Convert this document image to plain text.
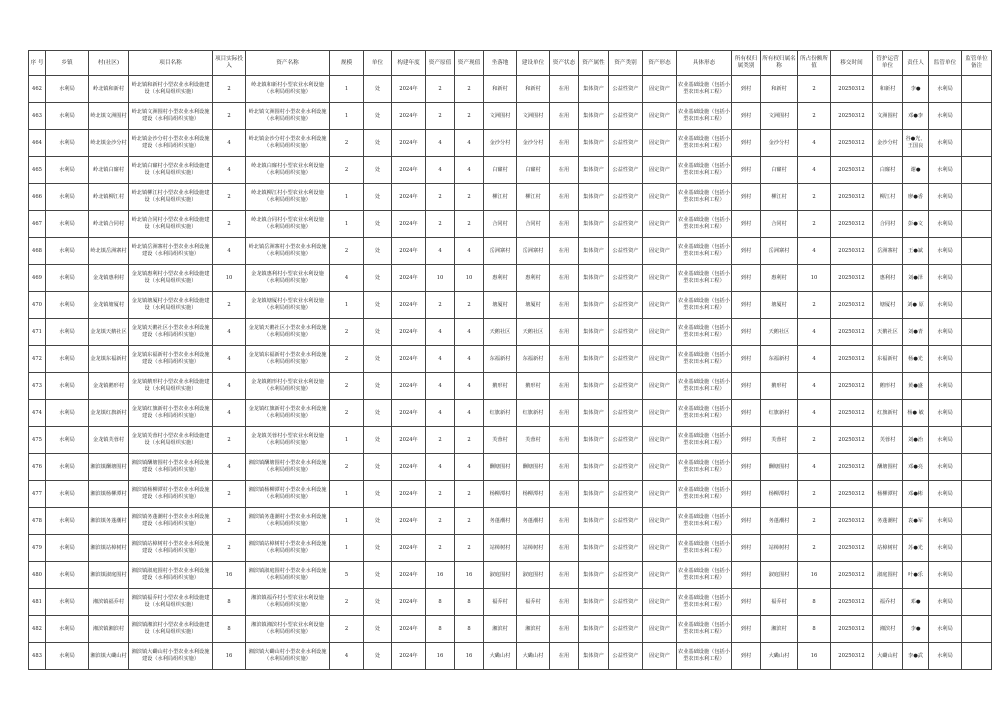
序 号	乡镇	村(社区)	项目名称	项目实际投入	资产名称	规模	单位	构建年度	资产原值	资产现值	坐落地	建设单位	资产状态	资产属性	资产类别	资产形态	具体形态	所有权归属类别	所有权归属名称	所占份额所值	移交时间	管护运营单位	责任人	监管单位	监管单位备注
462	水利局	岭北镇和新村	岭北镇和新村小型农业水利设施建设（水利局组织实施）	2	岭北镇和新村小型农业水利设施（水利局组织实施）	1	处	2024年	2	2	和新村	和新村	在用	集体资产	公益性资产	固定资产	农业基础设施（包括小型农田水利工程）	到村	和新村	2	20250312	和新村	李●	水利局	
463	水利局	岭北镇文洲围村	岭北镇文洲围村小型农业水利设施建设（水利局组织实施）	2	岭北镇文洲围村小型农业水利设施（水利局组织实施）	1	处	2024年	2	2	文洲围村	文洲围村	在用	集体资产	公益性资产	固定资产	农业基础设施（包括小型农田水利工程）	到村	文洲围村	2	20250312	文洲围村	邓●李	水利局	
464	水利局	岭北镇金沙分村	岭北镇金沙分村小型农业水利设施建设（水利局组织实施）	4	岭北镇金沙分村小型农业水利设施（水利局组织实施）	2	处	2024年	4	4	金沙分村	金沙分村	在用	集体资产	公益性资产	固定资产	农业基础设施（包括小型农田水利工程）	到村	金沙分村	4	20250312	金沙分村	谷●光、王国良	水利局	
465	水利局	岭北镇白窿村	岭北镇白窿村小型农业水利设施建设（水利局组织实施）	4	岭北镇白窿村小型农业水利设施（水利局组织实施）	2	处	2024年	4	4	白窿村	白窿村	在用	集体资产	公益性资产	固定资产	农业基础设施（包括小型农田水利工程）	到村	白窿村	4	20250312	白窿村	谢●	水利局	
466	水利局	岭北镇柳江村	岭北镇柳江村小型农业水利设施建设（水利局组织实施）	2	岭北镇柳江村小型农业水利设施（水利局组织实施）	1	处	2024年	2	2	柳江村	柳江村	在用	集体资产	公益性资产	固定资产	农业基础设施（包括小型农田水利工程）	到村	柳江村	2	20250312	柳江村	廖●香	水利局	
467	水利局	岭北镇合同村	岭北镇合同村小型农业水利设施建设（水利局组织实施）	2	岭北镇合同村小型农业水利设施（水利局组织实施）	1	处	2024年	2	2	合同村	合同村	在用	集体资产	公益性资产	固定资产	农业基础设施（包括小型农田水利工程）	到村	合同村	2	20250312	合同村	彭●文	水利局	
468	水利局	岭北镇岳洲寨村	岭北镇岳洲寨村小型农业水利设施建设（水利局组织实施）	4	岭北镇岳洲寨村小型农业水利设施（水利局组织实施）	2	处	2024年	4	4	岳洲寨村	岳洲寨村	在用	集体资产	公益性资产	固定资产	农业基础设施（包括小型农田水利工程）	到村	岳洲寨村	4	20250312	岳洲寨村	王●斌	水利局	
469	水利局	金龙镇惠利村	金龙镇惠利村小型农业水利设施建设（水利局组织实施）	10	金龙镇惠利村小型农业水利设施（水利局组织实施）	4	处	2024年	10	10	惠利村	惠利村	在用	集体资产	公益性资产	固定资产	农业基础设施（包括小型农田水利工程）	到村	惠利村	10	20250312	惠利村	刘●泽	水利局	
470	水利局	金龙镇塘厦村	金龙镇塘厦村小型农业水利设施建设（水利局组织实施）	2	金龙镇塘厦村小型农业水利设施（水利局组织实施）	1	处	2024年	2	2	塘厦村	塘厦村	在用	集体资产	公益性资产	固定资产	农业基础设施（包括小型农田水利工程）	到村	塘厦村	2	20250312	塘厦村	刘● 原	水利局	
471	水利局	金龙镇天鹅社区	金龙镇天鹅社区小型农业水利设施建设（水利局组织实施）	4	金龙镇天鹅社区小型农业水利设施（水利局组织实施）	2	处	2024年	4	4	天鹅社区	天鹅社区	在用	集体资产	公益性资产	固定资产	农业基础设施（包括小型农田水利工程）	到村	天鹅社区	4	20250312	天鹅社区	刘●青	水利局	
472	水利局	金龙镇东福新村	金龙镇东福新村小型农业水利设施建设（水利局组织实施）	4	金龙镇东福新村小型农业水利设施（水利局组织实施）	2	处	2024年	4	4	东福新村	东福新村	在用	集体资产	公益性资产	固定资产	农业基础设施（包括小型农田水利工程）	到村	东福新村	4	20250312	东福新村	杨●光	水利局	
473	水利局	金龙镇鹅形村	金龙镇鹅形村小型农业水利设施建设（水利局组织实施）	4	金龙镇鹅形村小型农业水利设施（水利局组织实施）	2	处	2024年	4	4	鹅形村	鹅形村	在用	集体资产	公益性资产	固定资产	农业基础设施（包括小型农田水利工程）	到村	鹅形村	4	20250312	鹅形村	黄●盛	水利局	
474	水利局	金龙镇红旗新村	金龙镇红旗新村小型农业水利设施建设（水利局组织实施）	4	金龙镇红旗新村小型农业水利设施（水利局组织实施）	2	处	2024年	4	4	红旗新村	红旗新村	在用	集体资产	公益性资产	固定资产	农业基础设施（包括小型农田水利工程）	到村	红旗新村	4	20250312	红旗新村	杨● 敏	水利局	
475	水利局	金龙镇芙蓉村	金龙镇芙蓉村小型农业水利设施建设（水利局组织实施）	2	金龙镇芙蓉村小型农业水利设施（水利局组织实施）	1	处	2024年	2	2	芙蓉村	芙蓉村	在用	集体资产	公益性资产	固定资产	农业基础设施（包括小型农田水利工程）	到村	芙蓉村	2	20250312	芙蓉村	刘●治	水利局	
476	水利局	湘滨镇酬塘围村	湘滨镇酬塘围村小型农业水利设施建设（水利局组织实施）	4	湘滨镇酬塘围村小型农业水利设施（水利局组织实施）	2	处	2024年	4	4	酬塘围村	酬塘围村	在用	集体资产	公益性资产	固定资产	农业基础设施（包括小型农田水利工程）	到村	酬塘围村	4	20250312	酬塘围村	邓●亮	水利局	
477	水利局	湘滨镇杨柳潭村	湘滨镇杨柳潭村小型农业水利设施建设（水利局组织实施）	2	湘滨镇杨柳潭村小型农业水利设施（水利局组织实施）	1	处	2024年	2	2	杨柳潭村	杨柳潭村	在用	集体资产	公益性资产	固定资产	农业基础设施（包括小型农田水利工程）	到村	杨柳潭村	2	20250312	杨柳潭村	邓●彬	水利局	
478	水利局	湘滨镇务蓬潮村	湘滨镇务蓬潮村小型农业水利设施建设（水利局组织实施）	2	湘滨镇务蓬潮村小型农业水利设施（水利局组织实施）	1	处	2024年	2	2	务蓬潮村	务蓬潮村	在用	集体资产	公益性资产	固定资产	农业基础设施（包括小型农田水利工程）	到村	务蓬潮村	2	20250312	务蓬潮村	袁●军	水利局	
479	水利局	湘滨镇站樟树村	湘滨镇站樟树村小型农业水利设施建设（水利局组织实施）	2	湘滨镇站樟树村小型农业水利设施（水利局组织实施）	1	处	2024年	2	2	站樟树村	站樟树村	在用	集体资产	公益性资产	固定资产	农业基础设施（包括小型农田水利工程）	到村	站樟树村	2	20250312	站樟树村	苏●光	水利局	
480	水利局	湘滨镇淑庭围村	湘滨镇淑庭围村小型农业水利设施建设（水利局组织实施）	16	湘滨镇淑庭围村小型农业水利设施（水利局组织实施）	5	处	2024年	16	16	淑庭围村	淑庭围村	在用	集体资产	公益性资产	固定资产	农业基础设施（包括小型农田水利工程）	到村	淑庭围村	16	20250312	淑庭围村	叶●乐	水利局	
481	水利局	湘滨镇福乔村	湘滨镇福乔村小型农业水利设施建设（水利局组织实施）	8	湘滨镇福乔村小型农业水利设施（水利局组织实施）	2	处	2024年	8	8	福乔村	福乔村	在用	集体资产	公益性资产	固定资产	农业基础设施（包括小型农田水利工程）	到村	福乔村	8	20250312	福乔村	邓●	水利局	
482	水利局	湘滨镇湘滨村	湘滨镇湘滨村小型农业水利设施建设（水利局组织实施）	8	湘滨镇湘滨村小型农业水利设施（水利局组织实施）	2	处	2024年	8	8	湘滨村	湘滨村	在用	集体资产	公益性资产	固定资产	农业基础设施（包括小型农田水利工程）	到村	湘滨村	8	20250312	湘滨村	李●	水利局	
483	水利局	湘滨镇大磡山村	湘滨镇大磡山村小型农业水利设施建设（水利局组织实施）	16	湘滨镇大磡山村小型农业水利设施（水利局组织实施）	4	处	2024年	16	16	大磡山村	大磡山村	在用	集体资产	公益性资产	固定资产	农业基础设施（包括小型农田水利工程）	到村	大磡山村	16	20250312	大磡山村	李●武	水利局	
